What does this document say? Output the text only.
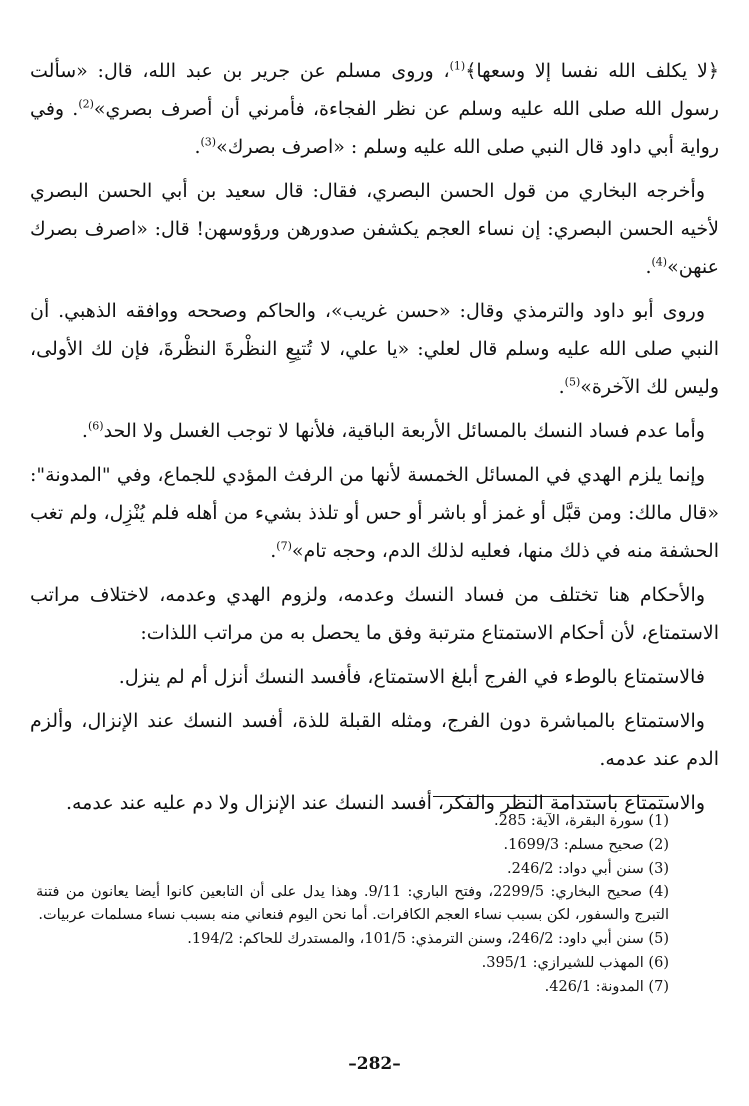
﴿لا يكلف الله نفسا إلا وسعها﴾$^{(1)}$، وروى مسلم عن جرير بن عبد الله، قال: «سألت رسول الله صلى الله عليه وسلم عن نظر الفجاءة، فأمرني أن أصرف بصري»$^{(2)}$. وفي رواية أبي داود قال النبي صلى الله عليه وسلم : «اصرف بصرك»$^{(3)}$.

وأخرجه البخاري من قول الحسن البصري، فقال: قال سعيد بن أبي الحسن البصري لأخيه الحسن البصري: إن نساء العجم يكشفن صدورهن ورؤوسهن! قال: «اصرف بصرك عنهن»$^{(4)}$.

وروى أبو داود والترمذي وقال: «حسن غريب»، والحاكم وصححه ووافقه الذهبي. أن النبي صلى الله عليه وسلم قال لعلي: «يا علي، لا تُتبِعِ النظْرةَ النظْرةَ، فإن لك الأولى، وليس لك الآخرة»$^{(5)}$.

وأما عدم فساد النسك بالمسائل الأربعة الباقية، فلأنها لا توجب الغسل ولا الحد$^{(6)}$.

وإنما يلزم الهدي في المسائل الخمسة لأنها من الرفث المؤدي للجماع، وفي "المدونة": «قال مالك: ومن قبَّل أو غمز أو باشر أو حس أو تلذذ بشيء من أهله فلم يُنْزِل، ولم تغب الحشفة منه في ذلك منها، فعليه لذلك الدم، وحجه تام»$^{(7)}$.

والأحكام هنا تختلف من فساد النسك وعدمه، ولزوم الهدي وعدمه، لاختلاف مراتب الاستمتاع، لأن أحكام الاستمتاع مترتبة وفق ما يحصل به من مراتب اللذات:

فالاستمتاع بالوطء في الفرج أبلغ الاستمتاع، فأفسد النسك أنزل أم لم ينزل.

والاستمتاع بالمباشرة دون الفرج، ومثله القبلة للذة، أفسد النسك عند الإنزال، وألزم الدم عند عدمه.

والاستمتاع باستدامة النظر والفكر، أفسد النسك عند الإنزال ولا دم عليه عند عدمه.

(1) سورة البقرة، الآية: 285.

(2) صحيح مسلم: 1699/3.

(3) سنن أبي دواد: 246/2.

(4) صحيح البخاري: 2299/5، وفتح الباري: 9/11. وهذا يدل على أن التابعين كانوا أيضا يعانون من فتنة التبرج والسفور، لكن بسبب نساء العجم الكافرات. أما نحن اليوم فنعاني منه بسبب نساء مسلمات عربيات.

(5) سنن أبي داود: 246/2، وسنن الترمذي: 101/5، والمستدرك للحاكم: 194/2.

(6) المهذب للشيرازي: 395/1.

(7) المدونة: 426/1.

–282–
